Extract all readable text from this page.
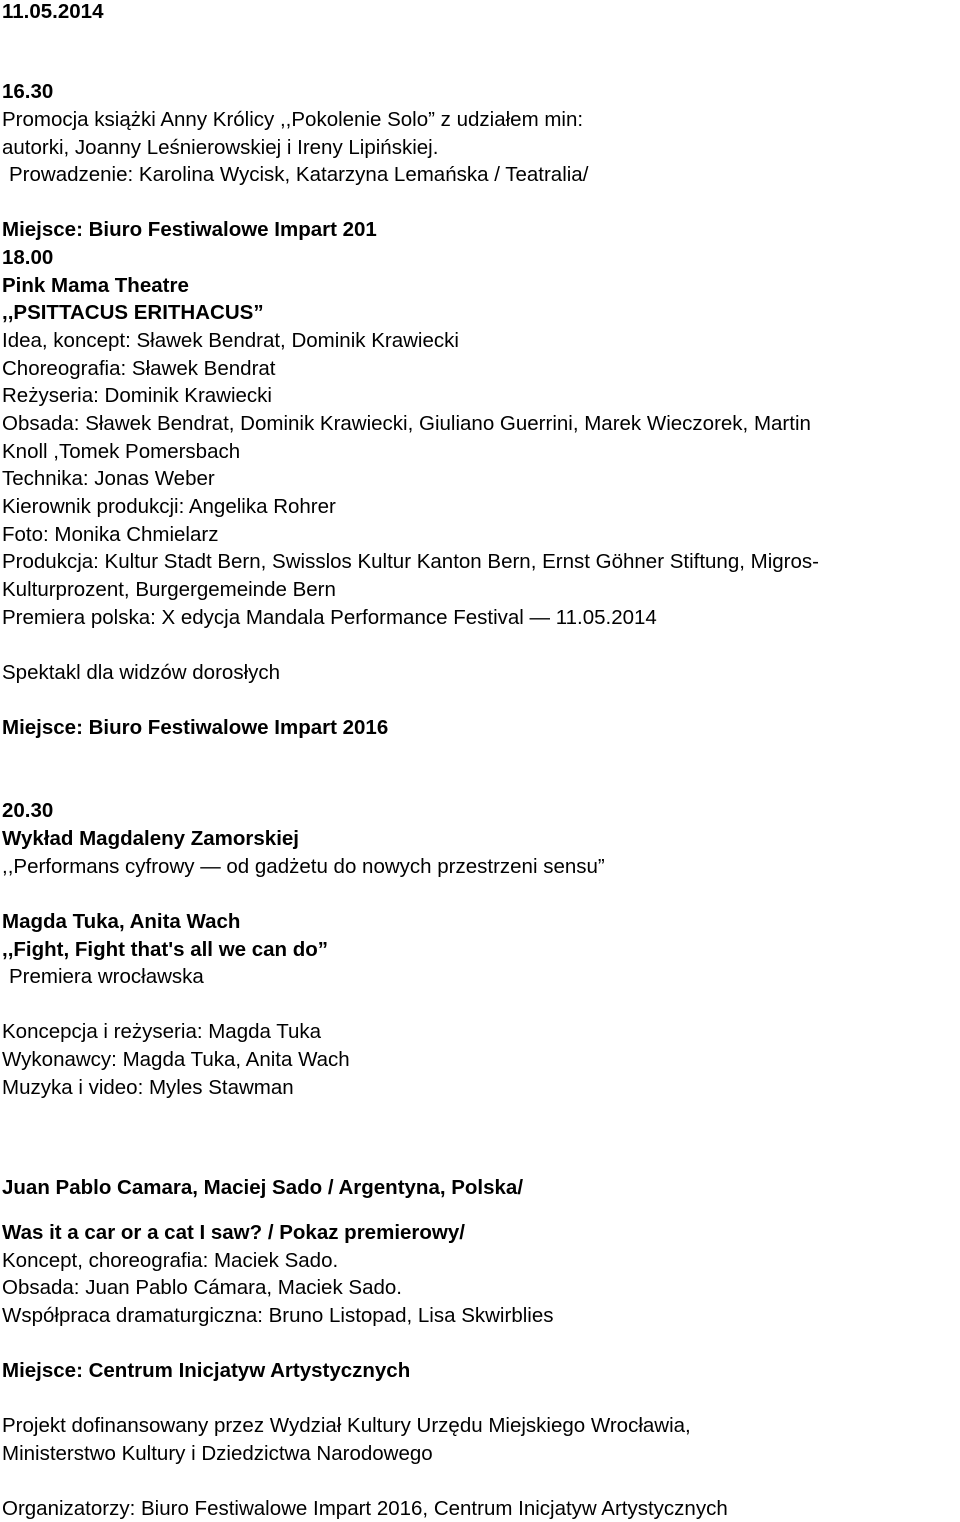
11.05.2014

16.30

Promocja książki Anny Królicy ,,Pokolenie Solo” z udziałem min:

autorki, Joanny Leśnierowskiej i Ireny Lipińskiej.

Prowadzenie: Karolina Wycisk, Katarzyna Lemańska / Teatralia/

Miejsce: Biuro Festiwalowe Impart 201

18.00

Pink Mama Theatre

,,PSITTACUS ERITHACUS”

Idea, koncept: Sławek Bendrat, Dominik Krawiecki

Choreografia: Sławek Bendrat

Reżyseria: Dominik Krawiecki

Obsada: Sławek Bendrat, Dominik Krawiecki, Giuliano Guerrini, Marek Wieczorek, Martin

Knoll ,Tomek Pomersbach

Technika: Jonas Weber

Kierownik produkcji: Angelika Rohrer

Foto: Monika Chmielarz

Produkcja: Kultur Stadt Bern, Swisslos Kultur Kanton Bern, Ernst Göhner Stiftung, Migros-

Kulturprozent, Burgergemeinde Bern

Premiera polska: X edycja Mandala Performance Festival — 11.05.2014

Spektakl dla widzów dorosłych

Miejsce: Biuro Festiwalowe Impart 2016

20.30

Wykład Magdaleny Zamorskiej

,,Performans cyfrowy — od gadżetu do nowych przestrzeni sensu”

Magda Tuka, Anita Wach

,,Fight, Fight that's all we can do”

Premiera wrocławska

Koncepcja i reżyseria: Magda Tuka

Wykonawcy: Magda Tuka, Anita Wach

Muzyka i video: Myles Stawman

Juan Pablo Camara, Maciej Sado / Argentyna, Polska/

Was it a car or a cat I saw? / Pokaz premierowy/

Koncept, choreografia: Maciek Sado.

Obsada: Juan Pablo Cámara, Maciek Sado.

Współpraca dramaturgiczna: Bruno Listopad, Lisa Skwirblies

Miejsce: Centrum Inicjatyw Artystycznych

Projekt dofinansowany przez Wydział Kultury Urzędu Miejskiego Wrocławia,

Ministerstwo Kultury i Dziedzictwa Narodowego

Organizatorzy: Biuro Festiwalowe Impart 2016, Centrum Inicjatyw Artystycznych
